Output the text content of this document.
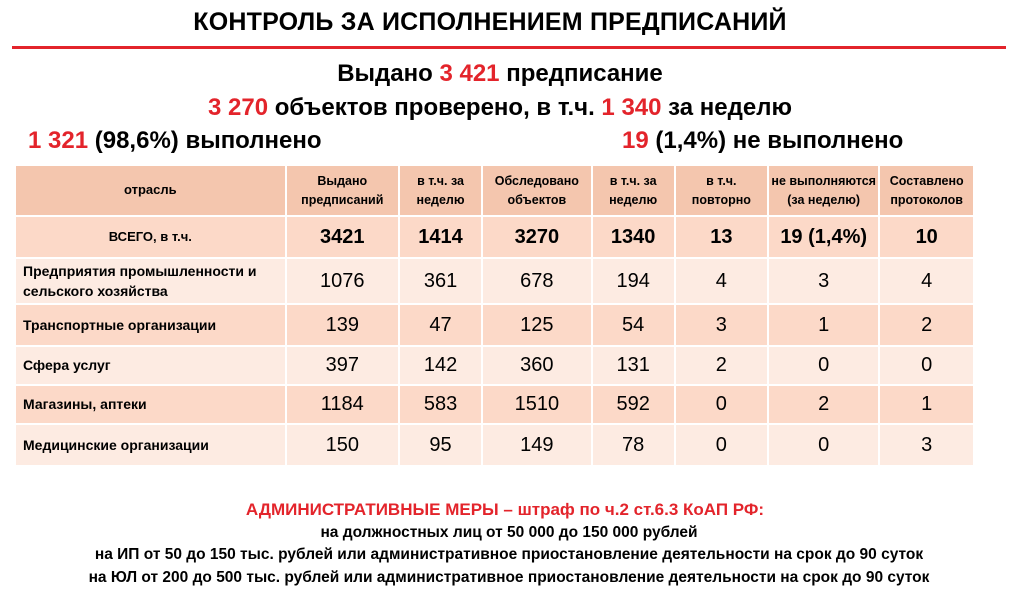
КОНТРОЛЬ ЗА ИСПОЛНЕНИЕМ ПРЕДПИСАНИЙ
Выдано 3 421 предписание
3 270 объектов проверено, в т.ч. 1 340 за неделю
1 321 (98,6%) выполнено	19 (1,4%) не выполнено
отрасль	Выдано предписаний	в т.ч. за неделю	Обследовано объектов	в т.ч. за неделю	в т.ч. повторно	не выполняются (за неделю)	Составлено протоколов
ВСЕГО, в т.ч.	3421	1414	3270	1340	13	19 (1,4%)	10
Предприятия промышленности и сельского хозяйства	1076	361	678	194	4	3	4
Транспортные организации	139	47	125	54	3	1	2
Сфера услуг	397	142	360	131	2	0	0
Магазины, аптеки	1184	583	1510	592	0	2	1
Медицинские организации	150	95	149	78	0	0	3
АДМИНИСТРАТИВНЫЕ МЕРЫ – штраф по ч.2 ст.6.3 КоАП РФ:
на должностных лиц от 50 000 до 150 000 рублей
на ИП от 50 до 150 тыс. рублей или административное приостановление деятельности на срок до 90 суток
на ЮЛ от 200 до 500 тыс. рублей или административное приостановление деятельности на срок до 90 суток
